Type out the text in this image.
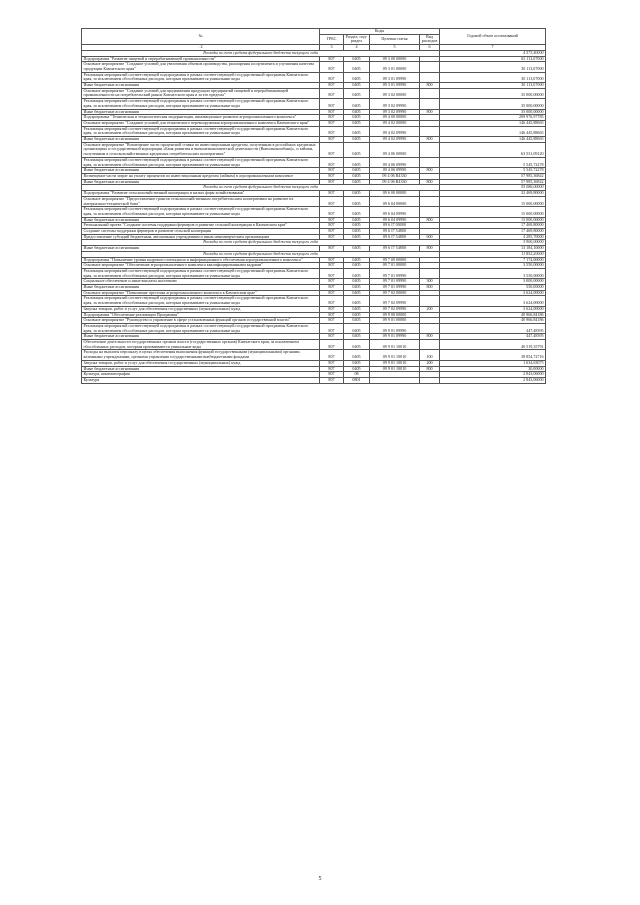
№	Коды				Годовой объем ассигнований
	ГРБС	Раздел, под-раздел	Целевая статья	Вид расходов	
. 2	3	4	5	6	7
Расходы за счет средств федерального бюджета текущего года					4 573,40000
Подпрограмма "Развитие пищевой и перерабатывающей промышленности"	807	0405	09 3 00 00000		65 113,07000
Основное мероприятие "Создание условий для увеличения объемов производства, расширения ассортимента и улучшения качества продукции Камчатского края"	807	0405	09 3 01 00000		30 113,07000
Реализация мероприятий соответствующей подпрограммы в рамках соответствующей государственной программы Камчатского края, за исключением обособленных расходов, которым присваиваются уникальные коды	807	0405	09 3 01 09990		30 113,07000
Иные бюджетные ассигнования	807	0405	09 3 01 09990	800	30 113,07000
Основное мероприятие "Создание условий для продвижения продукции предприятий пищевой и перерабатывающей промышленности на потребительский рынок Камчатского края и за его пределы"	807	0405	09 3 02 00000		35 000,00000
Реализация мероприятий соответствующей подпрограммы в рамках соответствующей государственной программы Камчатского края, за исключением обособленных расходов, которым присваиваются уникальные коды	807	0405	09 3 02 09990		35 000,00000
Иные бюджетные ассигнования	807	0405	09 3 02 09990	800	35 000,00000
Подпрограмма "Техническая и технологическая модернизация, инновационное развитие агропромышленного комплекса"	807	0405	09 4 00 00000		209 976,97785
Основное мероприятие "Создание условий для технического перевооружения агропромышленного комплекса Камчатского края"	807	0405	09 4 02 00000		146 445,88665
Реализация мероприятий соответствующей подпрограммы в рамках соответствующей государственной программы Камчатского края, за исключением обособленных расходов, которым присваиваются уникальные коды	807	0405	09 4 02 09990		146 445,88665
Иные бюджетные ассигнования	807	0405	09 4 02 09990	800	146 445,88665
Основное мероприятие "Возмещение части процентной ставки по инвестиционным кредитам, полученным в российских кредитных организациях и государственной корпорации «Банк развития и внешнеэкономической деятельности (Внешэкономбанк)», и займам, полученным в сельскохозяйственных кредитных потребительских кооперативах"	807	0405	09 4 06 00000		63 531,09120
Реализация мероприятий соответствующей подпрограммы в рамках соответствующей государственной программы Камчатского края, за исключением обособленных расходов, которым присваиваются уникальные коды	807	0405	09 4 06 09990		5 545,72278
Иные бюджетные ассигнования	807	0405	09 4 06 09990	800	5 545,72278
Возмещение части затрат на уплату процентов по инвестиционным кредитам (займам) в агропромышленном комплексе	807	0405	09 4 06 R4330		57 985,36842
Иные бюджетные ассигнования	807	0405	09 4 06 R4330	800	57 985,36842
Расходы за счет средств федерального бюджета текущего года					55 086,00000
Подпрограмма "Развитие сельскохозяйственной кооперации и малых форм хозяйствования"	807	0405	09 6 00 00000		32 469,80000
Основное мероприятие "Предоставление грантов сельскохозяйственным потребительским кооперативам на развитие их материально-технической базы"	807	0405	09 6 04 00000		15 000,00000
Реализация мероприятий соответствующей подпрограммы в рамках соответствующей государственной программы Камчатского края, за исключением обособленных расходов, которым присваиваются уникальные коды	807	0405	09 6 04 09990		15 000,00000
Иные бюджетные ассигнования	807	0405	09 6 04 09990	800	15 000,00000
Региональный проект "Создание системы поддержки фермеров и развитие сельской кооперации в Камчатском крае"	807	0405	09 6 I7 00000		17 469,80000
Создание системы поддержки фермеров и развитие сельской кооперации	807	0405	09 6 I7 54800		17 469,80000
Предоставление субсидий бюджетным, автономным учреждениям и иным некоммерческим организациям	807	0405	09 6 I7 54800	600	4 285,70000
Расходы за счет средств федерального бюджета текущего года					3 900,00000
Иные бюджетные ассигнования	807	0405	09 6 I7 54800	800	13 184,10000
Расходы за счет средств федерального бюджета текущего года					11 852,20000
Подпрограмма "Повышение уровня кадрового потенциала и информационного обеспечения агропромышленного комплекса"	807	0405	09 7 00 00000		7 174,00000
Основное мероприятие "Обеспечение агропромышленного комплекса квалифицированными кадрами"	807	0405	09 7 01 00000		3 550,00000
Реализация мероприятий соответствующей подпрограммы в рамках соответствующей государственной программы Камчатского края, за исключением обособленных расходов, которым присваиваются уникальные коды	807	0405	09 7 01 09990		3 550,00000
Социальное обеспечение и иные выплаты населению	807	0405	09 7 01 09990	300	3 000,00000
Иные бюджетные ассигнования	807	0405	09 7 01 09990	800	550,00000
Основное мероприятие "Повышение престижа агропромышленного комплекса в Камчатском крае"	807	0405	09 7 02 00000		3 624,00000
Реализация мероприятий соответствующей подпрограммы в рамках соответствующей государственной программы Камчатского края, за исключением обособленных расходов, которым присваиваются уникальные коды	807	0405	09 7 02 09990		3 624,00000
Закупка товаров, работ и услуг для обеспечения государственных (муниципальных) нужд	807	0405	09 7 02 09990	200	3 624,00000
Подпрограмма "Обеспечение реализации Программы"	807	0405	09 9 00 00000		40 966,84186
Основное мероприятие "Руководство и управление в сфере установленных функций органов государственной власти"	807	0405	09 9 01 00000		40 966,84186
Реализация мероприятий соответствующей подпрограммы в рамках соответствующей государственной программы Камчатского края, за исключением обособленных расходов, которым присваиваются уникальные коды	807	0405	09 9 01 09990		447,48395
Иные бюджетные ассигнования	807	0405	09 9 01 09990	800	447,48395
Обеспечение деятельности государственных органов власти (государственных органов) Камчатского края, за исключением обособленных расходов, которым присваиваются уникальные коды	807	0405	09 9 01 10010		40 519,35791
Расходы на выплаты персоналу в целях обеспечения выполнения функций государственными (муниципальными) органами, казенными учреждениями, органами управления государственными внебюджетными фондами	807	0405	09 9 01 10010	100	38 854,72716
Закупка товаров, работ и услуг для обеспечения государственных (муниципальных) нужд	807	0405	09 9 01 10010	200	1 634,63075
Иные бюджетные ассигнования	807	0405	09 9 01 10010	800	30,00000
Культура, кинематография	807	08			2 843,06000
Культура	807	0801			2 843,06000
5
